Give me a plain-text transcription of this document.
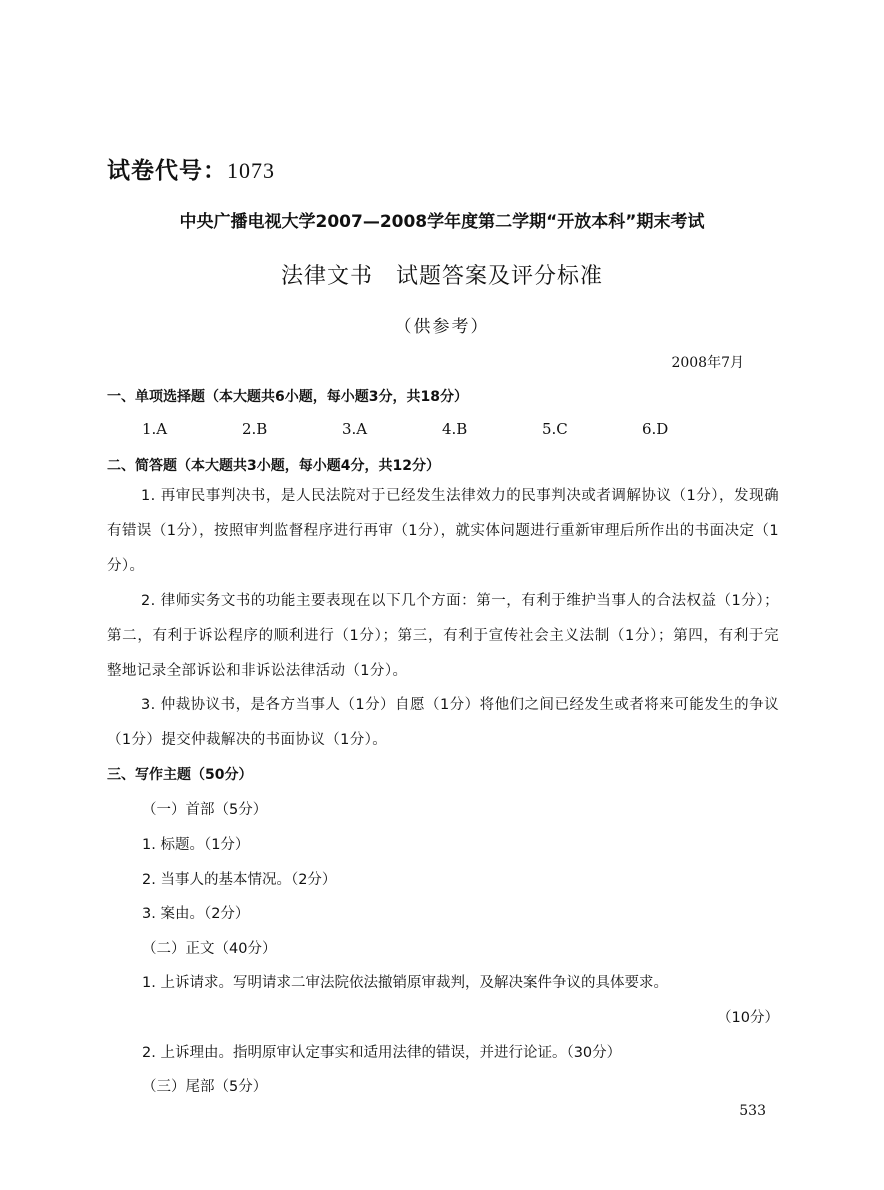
试卷代号：1073
中央广播电视大学2007—2008学年度第二学期“开放本科”期末考试
法律文书　试题答案及评分标准
（供参考）
2008年7月
一、单项选择题（本大题共6小题，每小题3分，共18分）
1.A	2.B	3.A	4.B	5.C	6.D
二、简答题（本大题共3小题，每小题4分，共12分）
1. 再审民事判决书，是人民法院对于已经发生法律效力的民事判决或者调解协议（1分），发现确有错误（1分），按照审判监督程序进行再审（1分），就实体问题进行重新审理后所作出的书面决定（1分）。
2. 律师实务文书的功能主要表现在以下几个方面：第一，有利于维护当事人的合法权益（1分）；第二，有利于诉讼程序的顺利进行（1分）；第三，有利于宣传社会主义法制（1分）；第四，有利于完整地记录全部诉讼和非诉讼法律活动（1分）。
3. 仲裁协议书，是各方当事人（1分）自愿（1分）将他们之间已经发生或者将来可能发生的争议（1分）提交仲裁解决的书面协议（1分）。
三、写作主题（50分）
（一）首部（5分）
1. 标题。（1分）
2. 当事人的基本情况。（2分）
3. 案由。（2分）
（二）正文（40分）
1. 上诉请求。写明请求二审法院依法撤销原审裁判，及解决案件争议的具体要求。
（10分）
2. 上诉理由。指明原审认定事实和适用法律的错误，并进行论证。（30分）
（三）尾部（5分）
533
